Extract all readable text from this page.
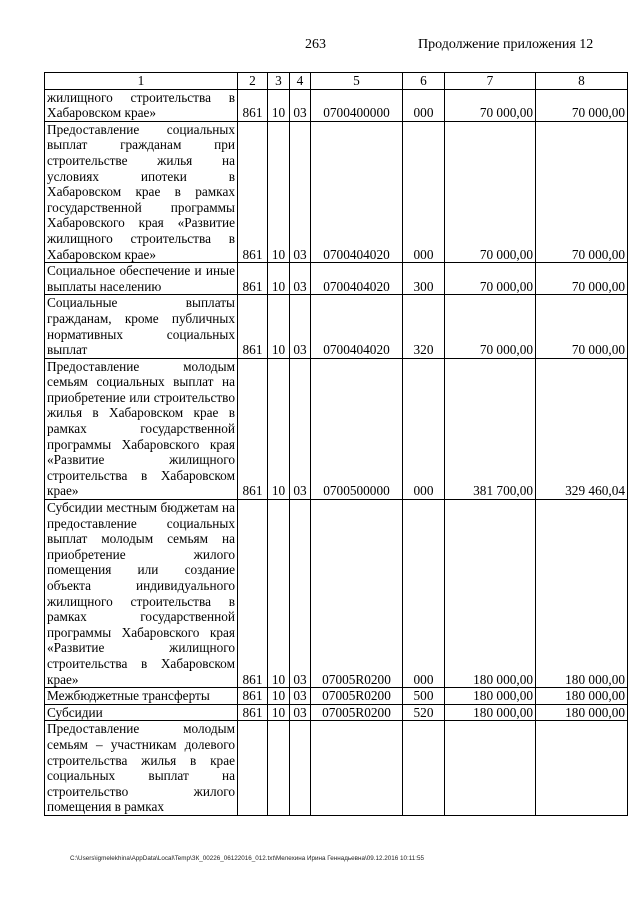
263	Продолжение приложения 12
1	2	3	4	5	6	7	8
жилищного строительства в Хабаровском крае»	861	10	03	0700400000	000	70 000,00	70 000,00
Предоставление социальных выплат гражданам при строительстве жилья на условиях ипотеки в Хабаровском крае в рамках государственной программы Хабаровского края «Развитие жилищного строительства в Хабаровском крае»	861	10	03	0700404020	000	70 000,00	70 000,00
Социальное обеспечение и иные выплаты населению	861	10	03	0700404020	300	70 000,00	70 000,00
Социальные выплаты гражданам, кроме публичных нормативных социальных выплат	861	10	03	0700404020	320	70 000,00	70 000,00
Предоставление молодым семьям социальных выплат на приобретение или строительство жилья в Хабаровском крае в рамках государственной программы Хабаровского края «Развитие жилищного строительства в Хабаровском крае»	861	10	03	0700500000	000	381 700,00	329 460,04
Субсидии местным бюджетам на предоставление социальных выплат молодым семьям на приобретение жилого помещения или создание объекта индивидуального жилищного строительства в рамках государственной программы Хабаровского края «Развитие жилищного строительства в Хабаровском крае»	861	10	03	07005R0200	000	180 000,00	180 000,00
Межбюджетные трансферты	861	10	03	07005R0200	500	180 000,00	180 000,00
Субсидии	861	10	03	07005R0200	520	180 000,00	180 000,00
Предоставление молодым семьям – участникам долевого строительства жилья в крае социальных выплат на строительство жилого помещения в рамках							
C:\Users\igmelekhina\AppData\Local\Temp\ЗК_00226_06122016_012.txt\Мелехина Ирина Геннадьевна\09.12.2016 10:11:55
